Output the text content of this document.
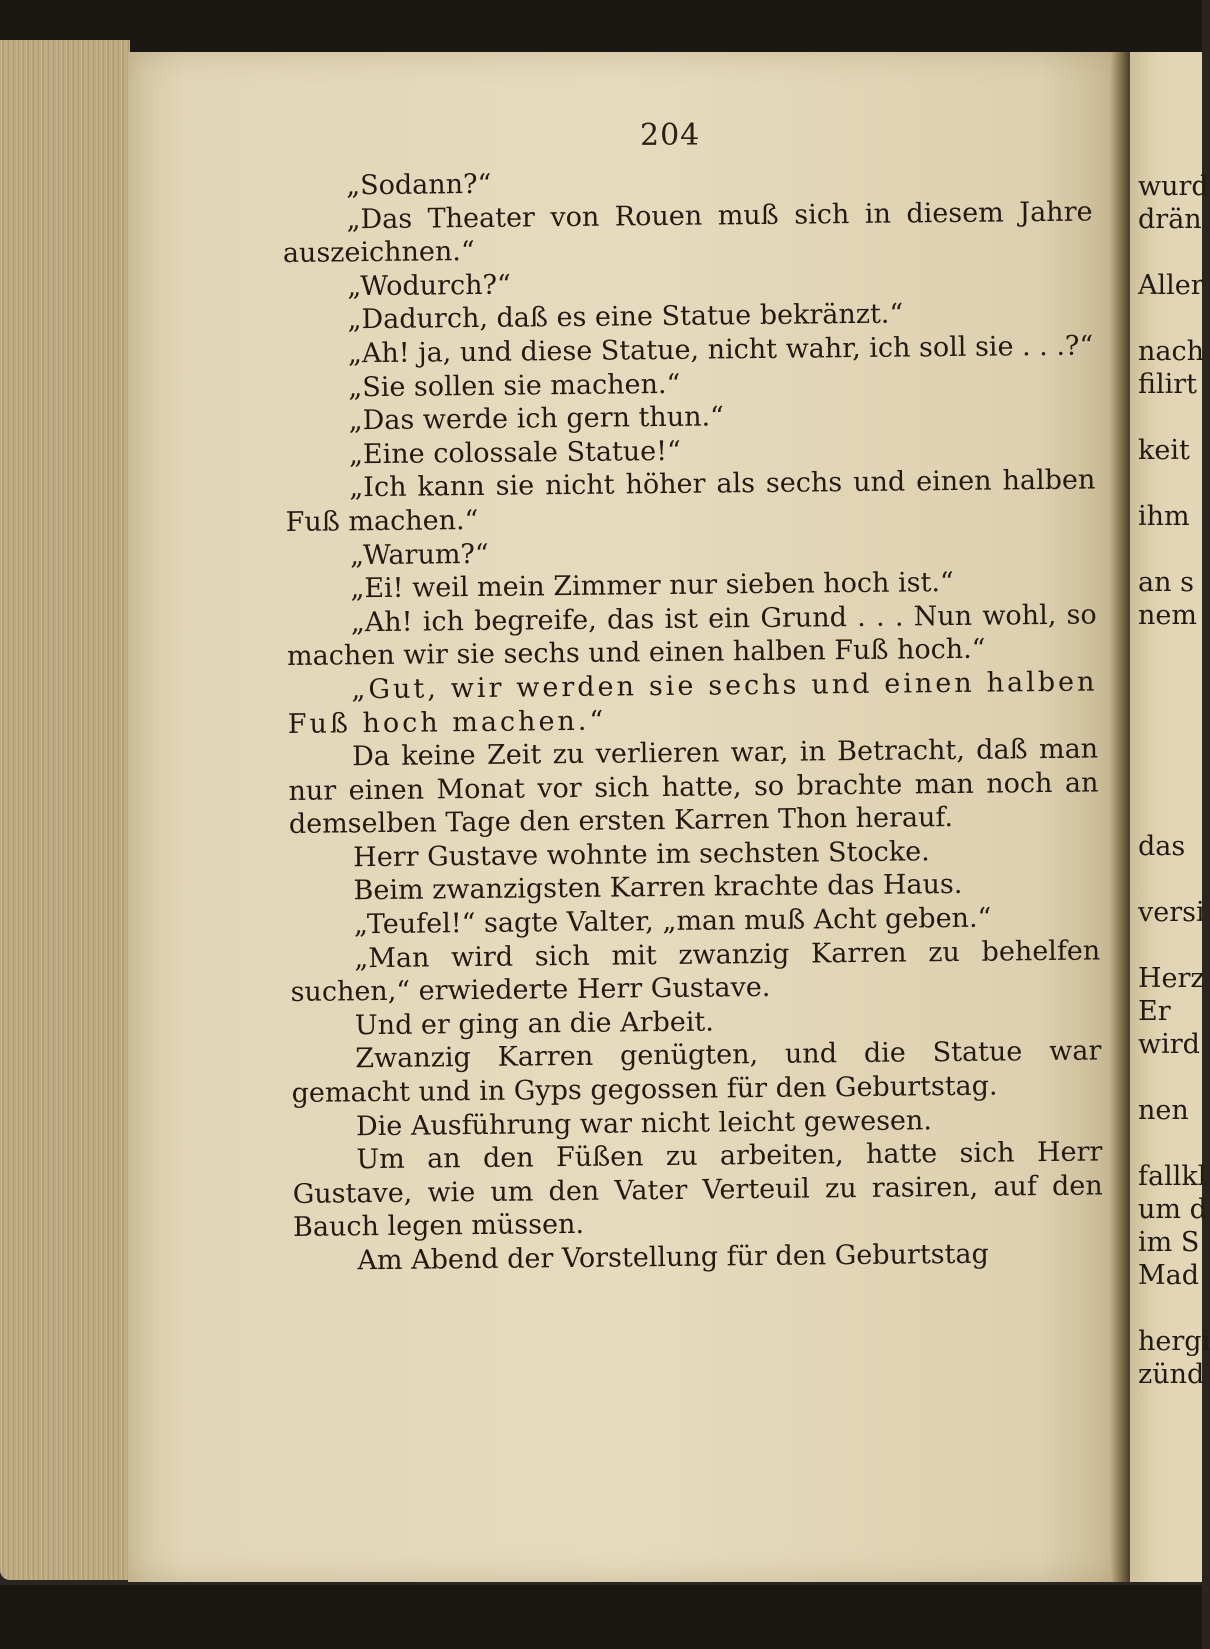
204

„Sodann?“

„Das Theater von Rouen muß sich in diesem Jahre auszeichnen.“

„Wodurch?“

„Dadurch, daß es eine Statue bekränzt.“

„Ah! ja, und diese Statue, nicht wahr, ich soll sie . . .?“

„Sie sollen sie machen.“

„Das werde ich gern thun.“

„Eine colossale Statue!“

„Ich kann sie nicht höher als sechs und einen halben Fuß machen.“

„Warum?“

„Ei! weil mein Zimmer nur sieben hoch ist.“

„Ah! ich begreife, das ist ein Grund . . . Nun wohl, so machen wir sie sechs und einen halben Fuß hoch.“

„Gut, wir werden sie sechs und einen halben Fuß hoch machen.“

Da keine Zeit zu verlieren war, in Betracht, daß man nur einen Monat vor sich hatte, so brachte man noch an demselben Tage den ersten Karren Thon herauf.

Herr Gustave wohnte im sechsten Stocke.

Beim zwanzigsten Karren krachte das Haus.

„Teufel!“ sagte Valter, „man muß Acht geben.“

„Man wird sich mit zwanzig Karren zu behelfen suchen,“ erwiederte Herr Gustave.

Und er ging an die Arbeit.

Zwanzig Karren genügten, und die Statue war gemacht und in Gyps gegossen für den Geburtstag.

Die Ausführung war nicht leicht gewesen.

Um an den Füßen zu arbeiten, hatte sich Herr Gustave, wie um den Vater Verteuil zu rasiren, auf den Bauch legen müssen.

Am Abend der Vorstellung für den Geburtstag

wurd
drän
Aller
nach
filirt
keit
ihm
an s
nem
das
versi
Herz
Er
wird
nen
fallkl
um d
im S
Mad
hergi
zünd
